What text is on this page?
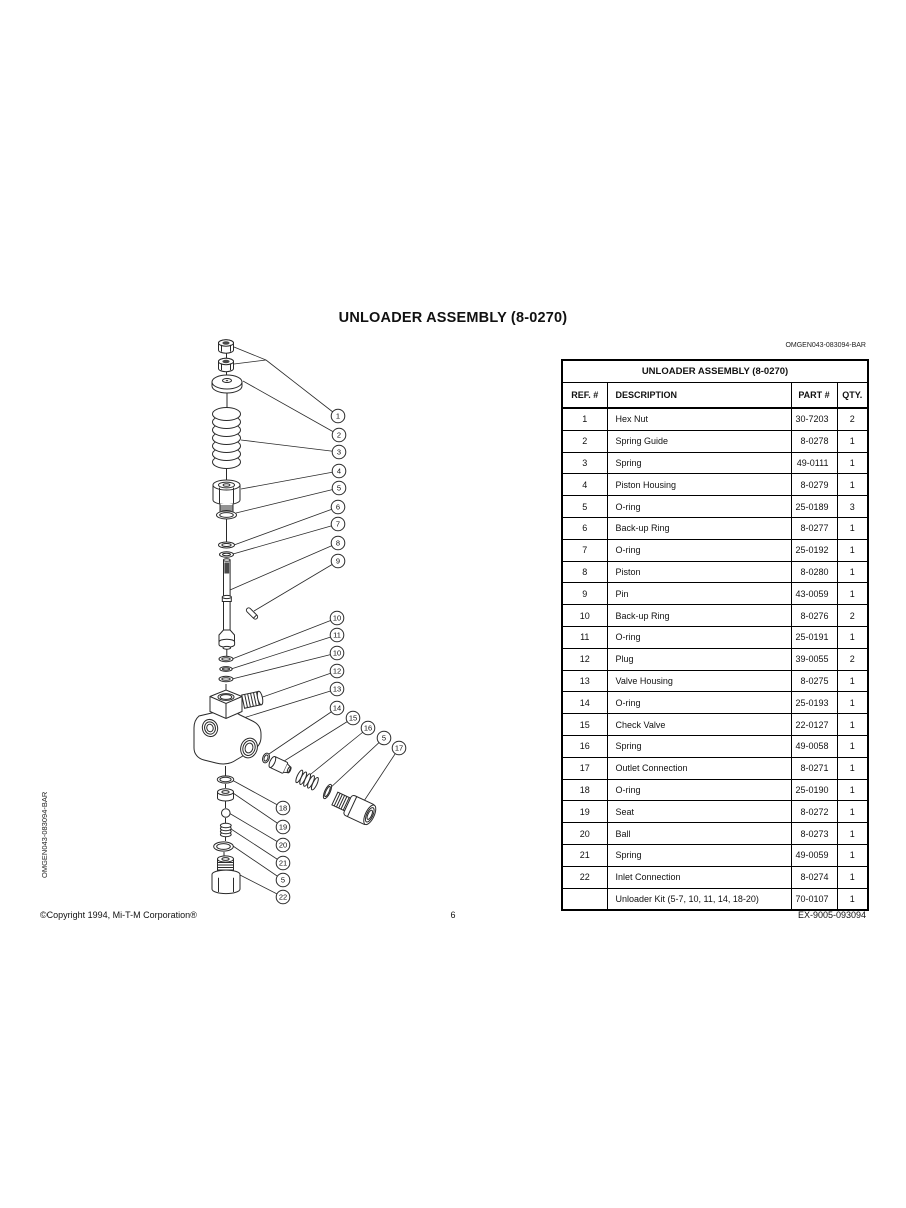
UNLOADER ASSEMBLY (8-0270)
OMGEN043-083094-BAR
OMGEN043-083094-BAR
UNLOADER ASSEMBLY (8-0270)			
REF. #	DESCRIPTION	PART #	QTY.
1	Hex Nut	30-7203	2
2	Spring Guide	8-0278	1
3	Spring	49-0111	1
4	Piston Housing	8-0279	1
5	O-ring	25-0189	3
6	Back-up Ring	8-0277	1
7	O-ring	25-0192	1
8	Piston	8-0280	1
9	Pin	43-0059	1
10	Back-up Ring	8-0276	2
11	O-ring	25-0191	1
12	Plug	39-0055	2
13	Valve Housing	8-0275	1
14	O-ring	25-0193	1
15	Check Valve	22-0127	1
16	Spring	49-0058	1
17	Outlet Connection	8-0271	1
18	O-ring	25-0190	1
19	Seat	8-0272	1
20	Ball	8-0273	1
21	Spring	49-0059	1
22	Inlet Connection	8-0274	1
	Unloader Kit (5-7, 10, 11, 14, 18-20)	70-0107	1
1
2
3
4
5
6
7
8
9
10
11
10
12
13
14
15
16
5
17
18
19
20
21
5
22
©Copyright 1994, Mi-T-M Corporation®	6	EX-9005-093094
